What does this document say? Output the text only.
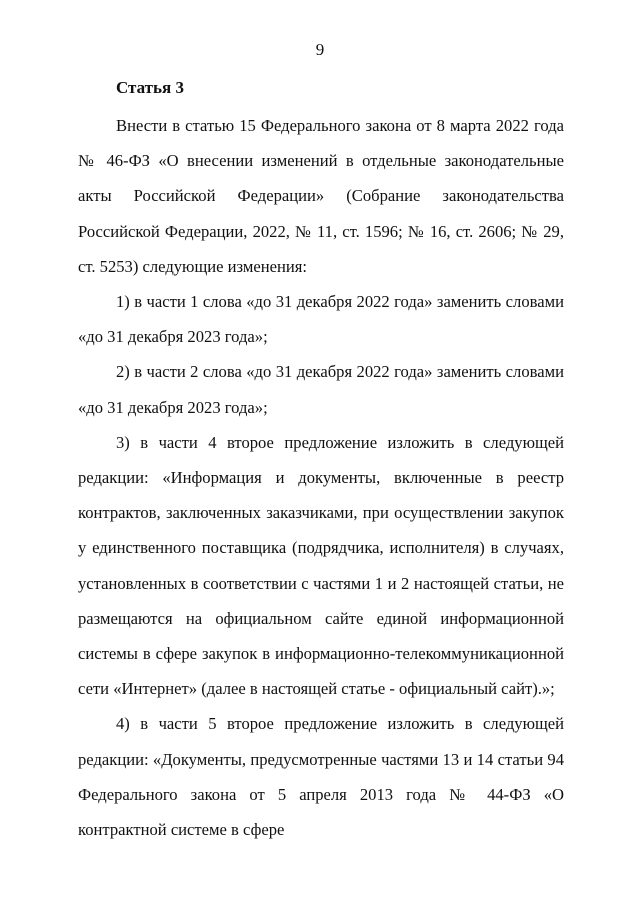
9
Статья 3

Внести в статью 15 Федерального закона от 8 марта 2022 года № 46-ФЗ «О внесении изменений в отдельные законодательные акты Российской Федерации» (Собрание законодательства Российской Федерации, 2022, № 11, ст. 1596; № 16, ст. 2606; № 29, ст. 5253) следующие изменения:

1) в части 1 слова «до 31 декабря 2022 года» заменить словами «до 31 декабря 2023 года»;

2) в части 2 слова «до 31 декабря 2022 года» заменить словами «до 31 декабря 2023 года»;

3) в части 4 второе предложение изложить в следующей редакции: «Информация и документы, включенные в реестр контрактов, заключенных заказчиками, при осуществлении закупок у единственного поставщика (подрядчика, исполнителя) в случаях, установленных в соответствии с частями 1 и 2 настоящей статьи, не размещаются на официальном сайте единой информационной системы в сфере закупок в информационно-телекоммуникационной сети «Интернет» (далее в настоящей статье - официальный сайт).»;

4) в части 5 второе предложение изложить в следующей редакции: «Документы, предусмотренные частями 13 и 14 статьи 94 Федерального закона от 5 апреля 2013 года № 44-ФЗ «О контрактной системе в сфере
